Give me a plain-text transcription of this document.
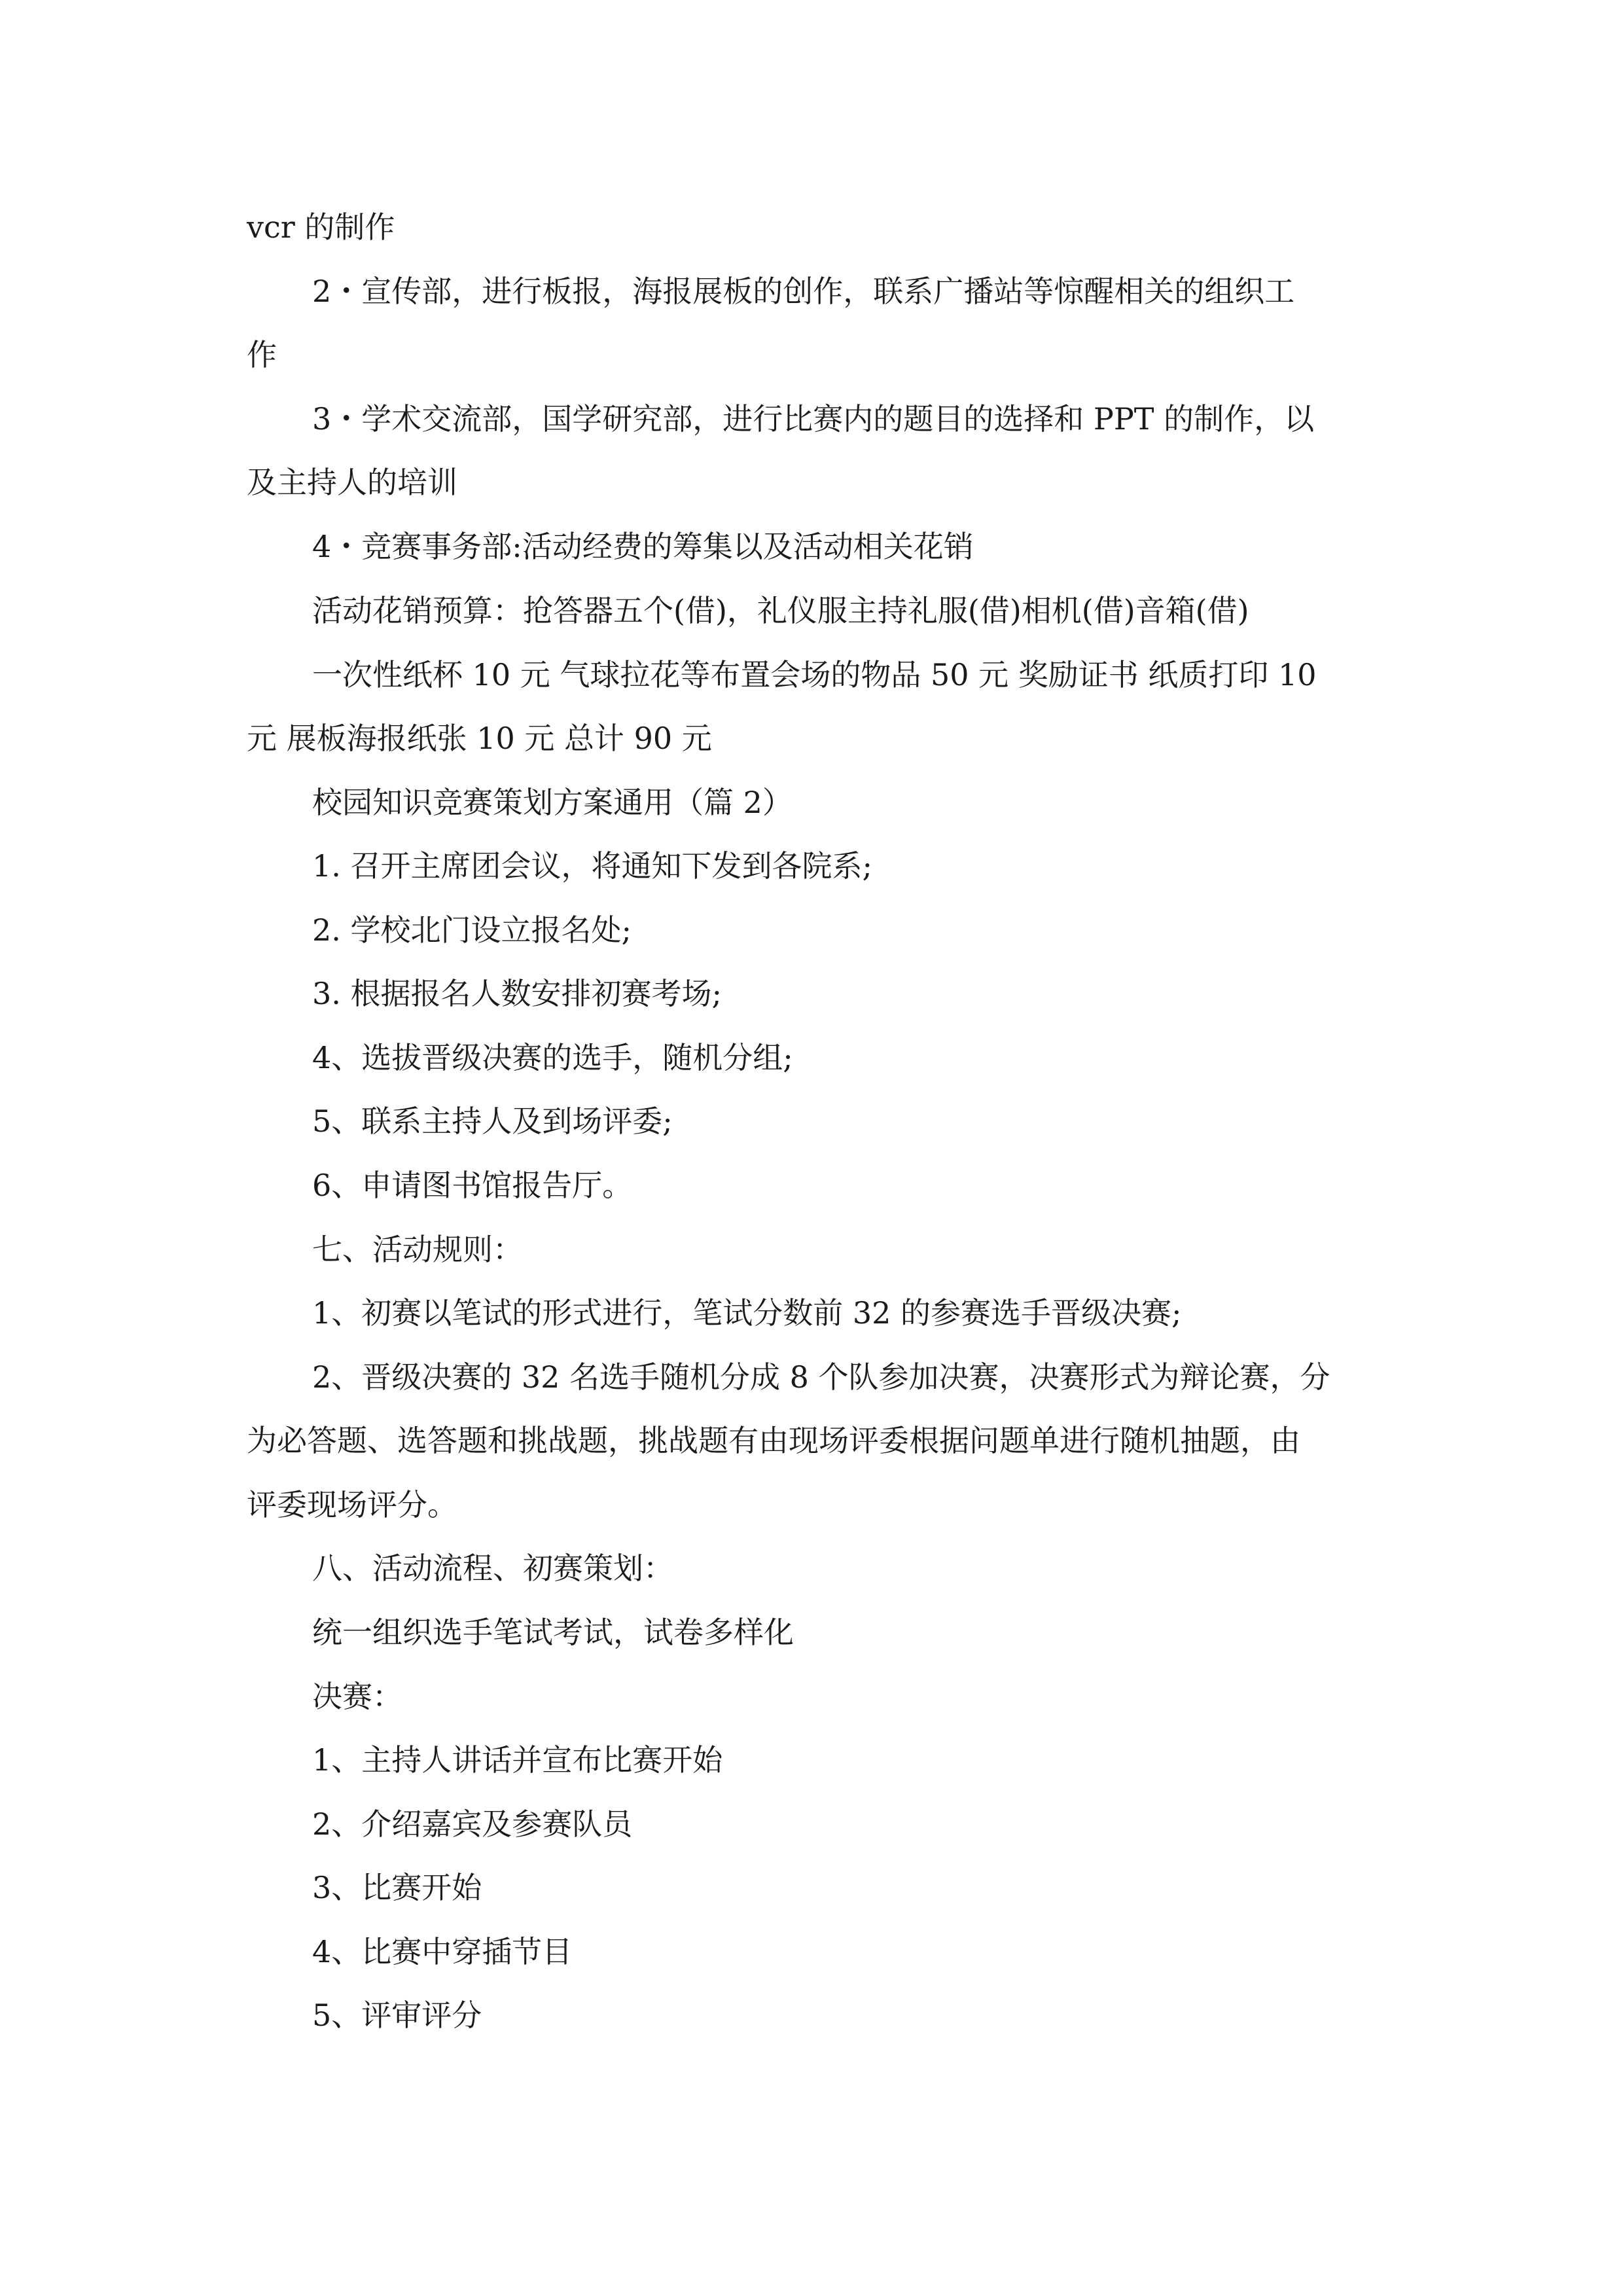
vcr 的制作

2・宣传部，进行板报，海报展板的创作，联系广播站等惊醒相关的组织工

作

3・学术交流部，国学研究部，进行比赛内的题目的选择和 PPT 的制作，以

及主持人的培训

4・竞赛事务部:活动经费的筹集以及活动相关花销

活动花销预算：抢答器五个(借)，礼仪服主持礼服(借)相机(借)音箱(借)

一次性纸杯 10 元 气球拉花等布置会场的物品 50 元 奖励证书 纸质打印 10

元 展板海报纸张 10 元 总计 90 元

校园知识竞赛策划方案通用（篇 2）

1. 召开主席团会议，将通知下发到各院系;

2. 学校北门设立报名处;

3. 根据报名人数安排初赛考场;

4、选拔晋级决赛的选手，随机分组;

5、联系主持人及到场评委;

6、申请图书馆报告厅。

七、活动规则：

1、初赛以笔试的形式进行，笔试分数前 32 的参赛选手晋级决赛;

2、晋级决赛的 32 名选手随机分成 8 个队参加决赛，决赛形式为辩论赛，分

为必答题、选答题和挑战题，挑战题有由现场评委根据问题单进行随机抽题，由

评委现场评分。

八、活动流程、初赛策划：

统一组织选手笔试考试，试卷多样化

决赛：

1、主持人讲话并宣布比赛开始

2、介绍嘉宾及参赛队员

3、比赛开始

4、比赛中穿插节目

5、评审评分
